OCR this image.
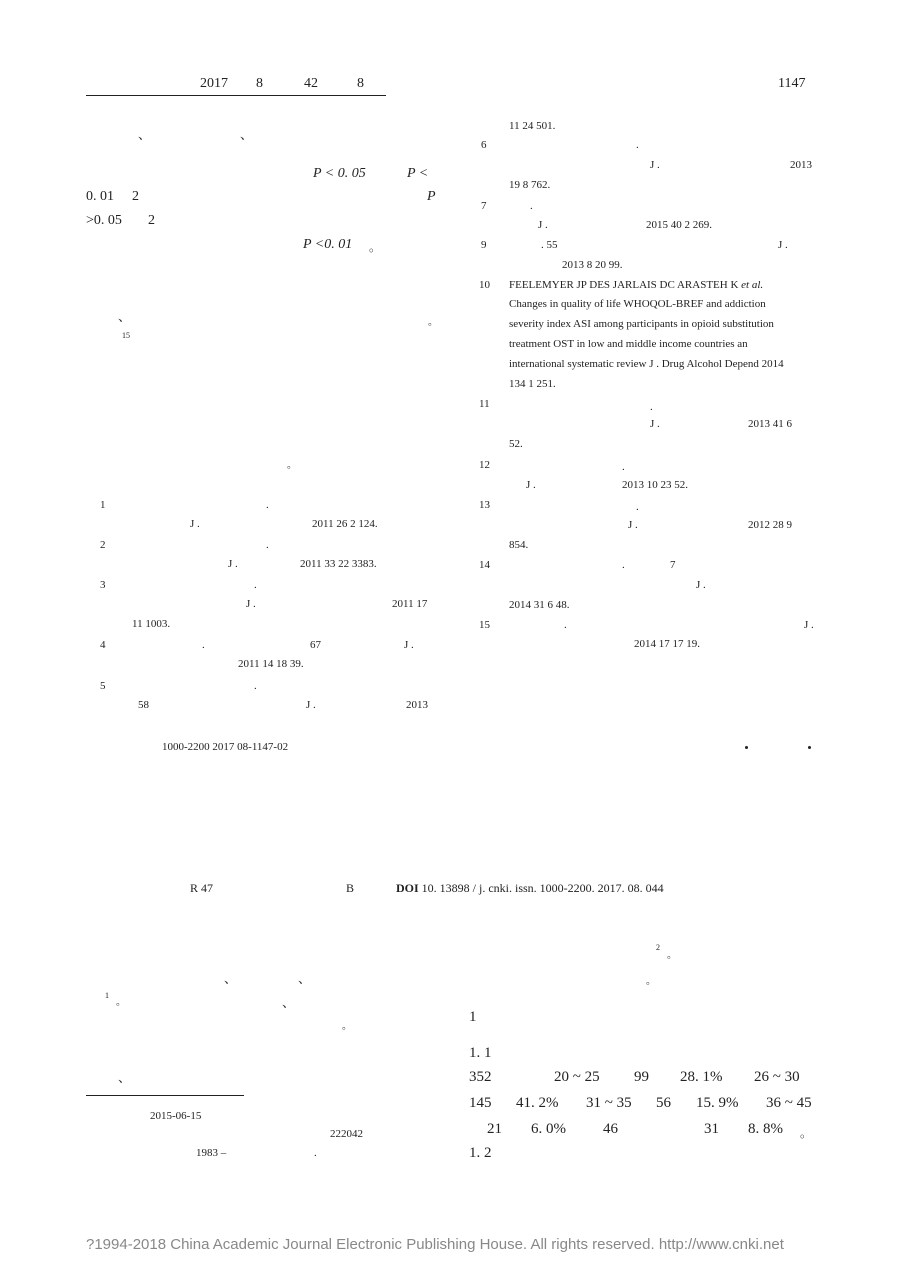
2017 8	42	8	1147
、	、
P < 0. 05	P <
0. 01 2	P
>0. 05 2
P <0. 01 。
、
15
。
。
1	.
J .	2011 26 2 124.
2	.
J .	2011 33 22 3383.
3	.
J .	2011 17
11 1003.
4	.	67	J .
2011 14 18 39.
5	.
58	J .	2013
11 24 501.
6	.
J .	2013
19 8 762.
7	.
J .	2015 40 2 269.
9	. 55	J .
2013 8 20 99.
10 FEELEMYER JP DES JARLAIS DC ARASTEH K et al.
Changes in quality of life WHOQOL-BREF and addiction
severity index ASI among participants in opioid substitution
treatment OST in low and middle income countries an
international systematic review J . Drug Alcohol Depend 2014
134 1 251.
11	.
J .	2013 41 6
52.
12	.
J .	2013 10 23 52.
13	.
J .	2012 28 9
854.
14	.	7
J .
2014 31 6 48.
15	.	J .
2014 17 17 19.
1000-2200 2017 08-1147-02
R 47	B	DOI 10. 13898 / j. cnki. issn. 1000-2200. 2017. 08. 044
、	、
1
。	、
。
、
2015-06-15
222042
1983 –	.
2
。
。
1
1. 1
352	20 ~ 25 99 28. 1% 26 ~ 30
145 41. 2% 31 ~ 35 56 15. 9% 36 ~ 45
21 6. 0% 46	31 8. 8% 。
1. 2
?1994-2018 China Academic Journal Electronic Publishing House. All rights reserved. http://www.cnki.net
